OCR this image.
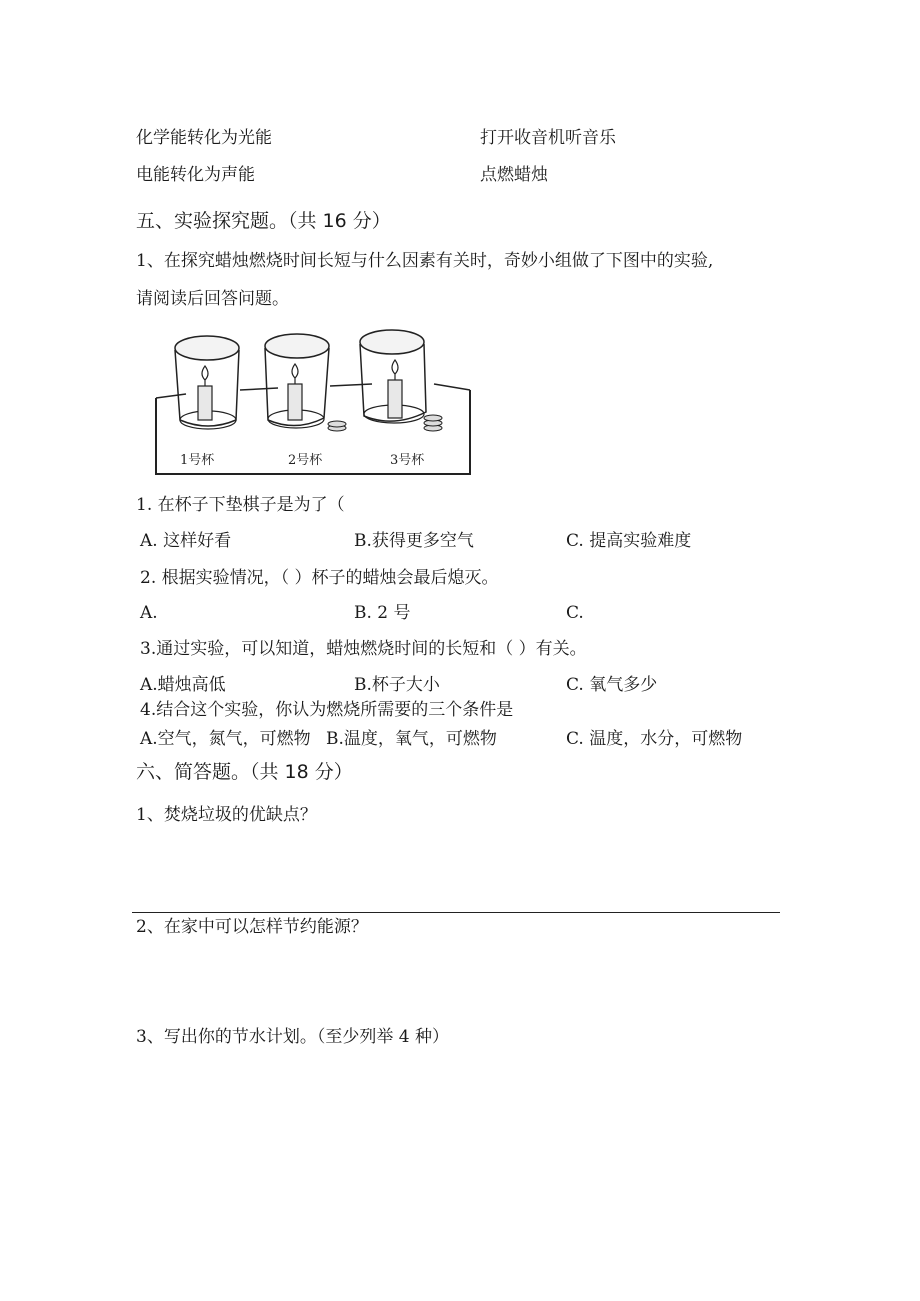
化学能转化为光能	打开收音机听音乐
电能转化为声能	点燃蜡烛
五、实验探究题。（共 16 分）
1、在探究蜡烛燃烧时间长短与什么因素有关时，奇妙小组做了下图中的实验,
请阅读后回答问题。
1号杯	2号杯	3号杯
1. 在杯子下垫棋子是为了（
A. 这样好看	B.获得更多空气	C. 提高实验难度
2. 根据实验情况，（ ）杯子的蜡烛会最后熄灭。
A.	B. 2 号	C.
3.通过实验，可以知道，蜡烛燃烧时间的长短和（ ）有关。
A.蜡烛高低	B.杯子大小	C. 氧气多少
4.结合这个实验，你认为燃烧所需要的三个条件是
A.空气，氮气，可燃物 B.温度，氧气，可燃物	C. 温度，水分，可燃物
六、简答题。（共 18 分）
1、焚烧垃圾的优缺点？
2、在家中可以怎样节约能源？
3、写出你的节水计划。（至少列举 4 种）
